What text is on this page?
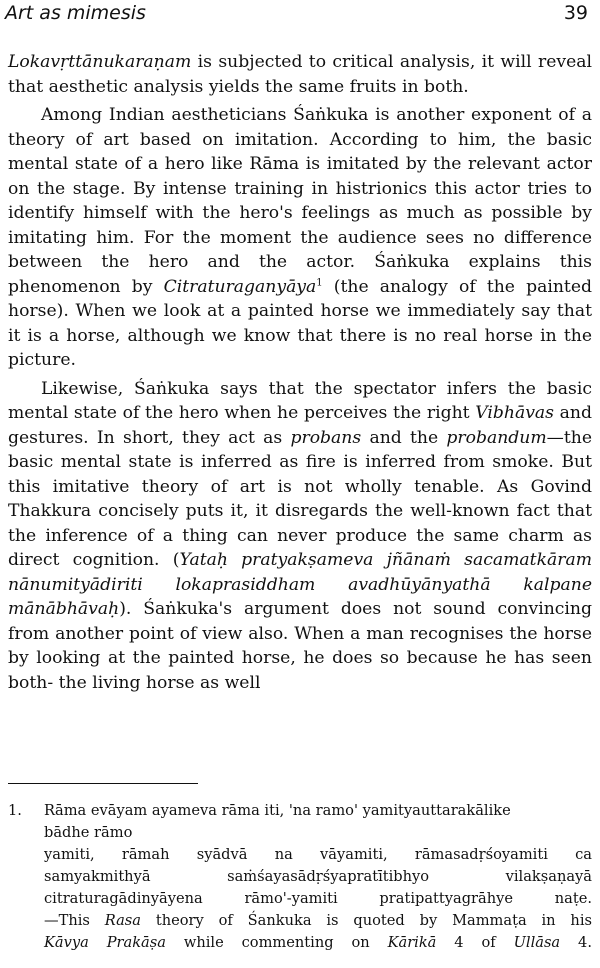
Art as mimesis	39

Lokavṛttānukaraṇam is subjected to critical analysis, it will reveal that aesthetic analysis yields the same fruits in both.

Among Indian aestheticians Śaṅkuka is another exponent of a theory of art based on imitation. According to him, the basic mental state of a hero like Rāma is imitated by the relevant actor on the stage. By intense training in histrionics this actor tries to identify himself with the hero's feelings as much as possible by imitating him. For the moment the audience sees no difference between the hero and the actor. Śaṅkuka explains this phenomenon by Citraturaganyāya$^1$ (the analogy of the painted horse). When we look at a painted horse we immediately say that it is a horse, although we know that there is no real horse in the picture.

Likewise, Śaṅkuka says that the spectator infers the basic mental state of the hero when he perceives the right Vibhāvas and gestures. In short, they act as probans and the probandum—the basic mental state is inferred as fire is inferred from smoke. But this imitative theory of art is not wholly tenable. As Govind Thakkura concisely puts it, it disregards the well-known fact that the inference of a thing can never produce the same charm as direct cognition. (Yataḥ pratyakṣameva jñānaṁ sacamatkāram nānumityādiriti lokaprasiddham avadhūyānyathā kalpane mānābhāvaḥ). Śaṅkuka's argument does not sound convincing from another point of view also. When a man recognises the horse by looking at the painted horse, he does so because he has seen both- the living horse as well

1. Rāma evāyam ayameva rāma iti, 'na ramo' yamityauttarakālike

bādhe rāmo

yamiti, rāmah syādvā na vāyamiti, rāmasadṛśoyamiti ca

samyakmithyā saṁśayasādṛśyapratītibhyo vilakṣaṇayā

citraturagādinyāyena rāmo'-yamiti pratipattyagrāhye naṭe.

—This Rasa theory of Śankuka is quoted by Mammaṭa in his

Kāvya Prakāṣa while commenting on Kārikā 4 of Ullāsa 4.
